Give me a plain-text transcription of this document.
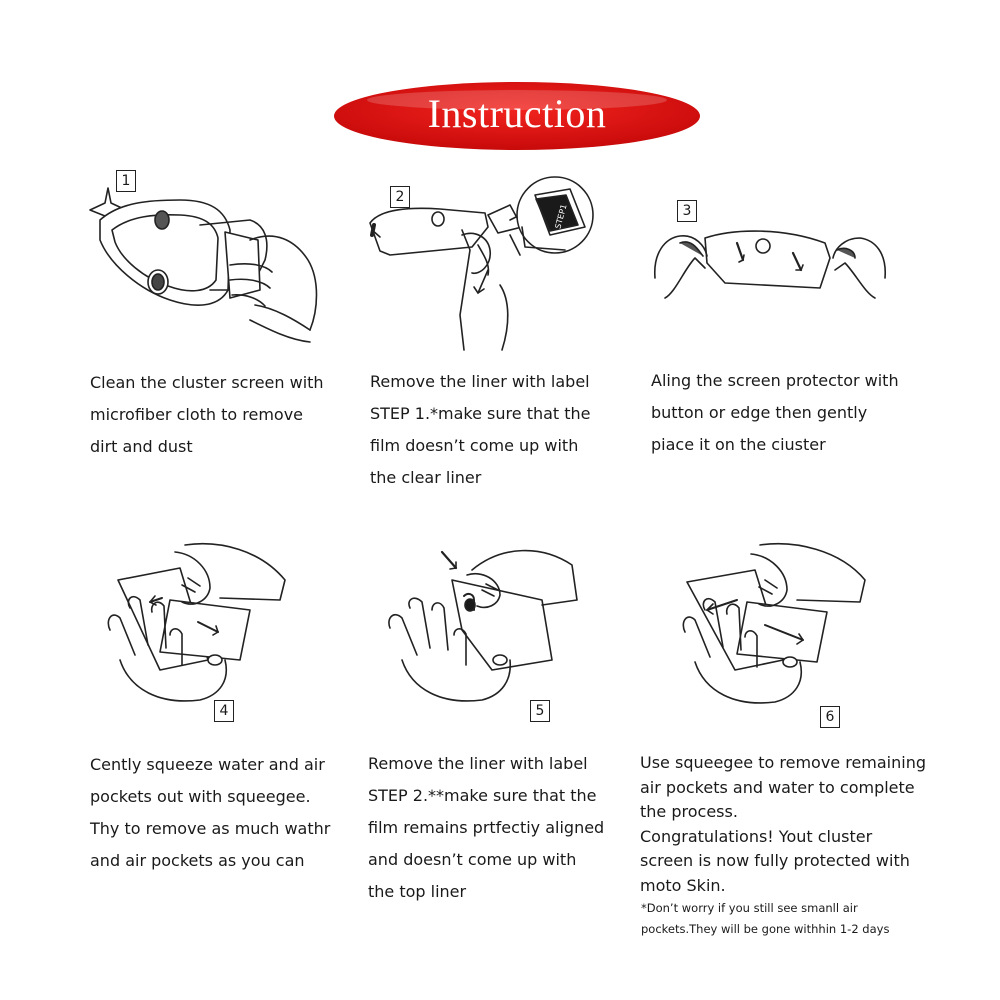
Instruction
1
STEP1
2
3
4	5	6
Clean the cluster screen with
microfiber cloth to remove
dirt and dust
Remove the liner with label
STEP 1.*make sure that the
film doesn’t come up with
the clear liner
Aling the screen protector with
button or edge then gently
piace it on the ciuster
Cently squeeze water and air
pockets out with squeegee.
Thy to remove as much wathr
and air pockets as you can
Remove the liner with label
STEP 2.**make sure that the
film remains prtfectiy aligned
and doesn’t come up with
the top liner
Use squeegee to remove remaining
air pockets and water to complete
the process.
Congratulations! Yout cluster
screen is now fully protected with
moto Skin.
*Don’t worry if you still see smanll air
pockets.They will be gone withhin 1-2 days
